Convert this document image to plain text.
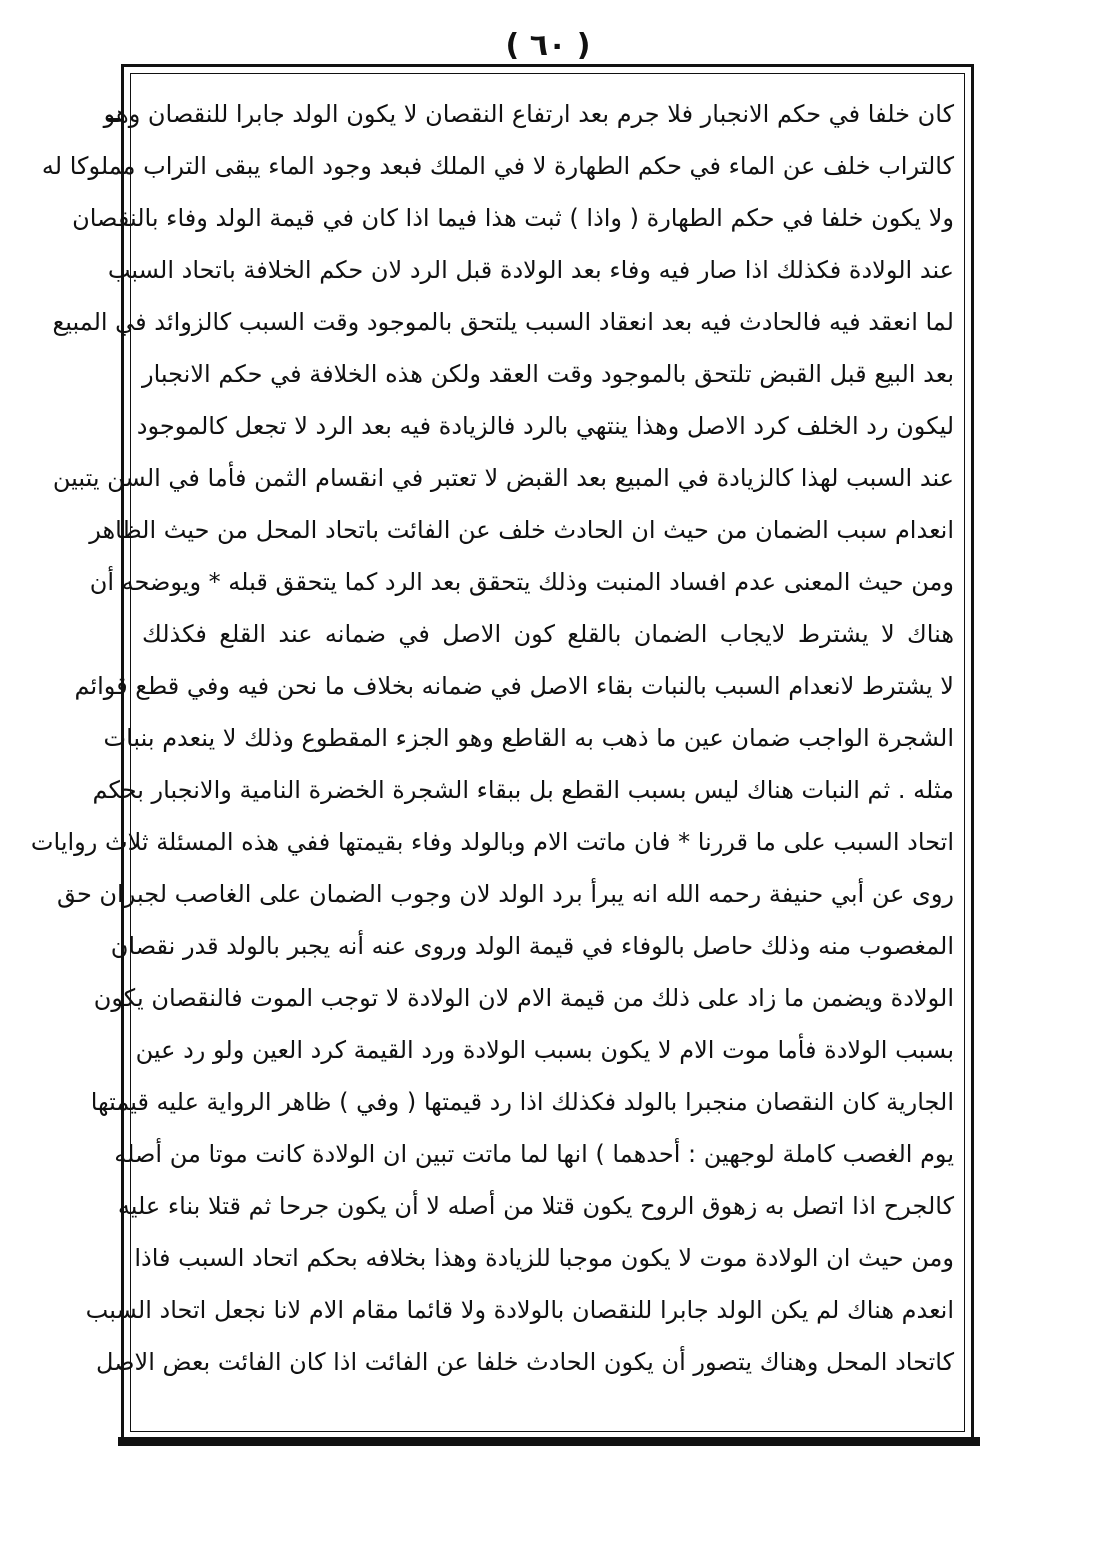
( ٦٠ )
كان خلفا في حكم الانجبار فلا جرم بعد ارتفاع النقصان لا يكون الولد جابرا للنقصان وهو
كالتراب خلف عن الماء في حكم الطهارة لا في الملك فبعد وجود الماء يبقى التراب مملوكا له
ولا يكون خلفا في حكم الطهارة ( واذا ) ثبت هذا فيما اذا كان في قيمة الولد وفاء بالنقصان
عند الولادة فكذلك اذا صار فيه وفاء بعد الولادة قبل الرد لان حكم الخلافة باتحاد السبب
لما انعقد فيه فالحادث فيه بعد انعقاد السبب يلتحق بالموجود وقت السبب كالزوائد في المبيع
بعد البيع قبل القبض تلتحق بالموجود وقت العقد ولكن هذه الخلافة في حكم الانجبار
ليكون رد الخلف كرد الاصل وهذا ينتهي بالرد فالزيادة فيه بعد الرد لا تجعل كالموجود
عند السبب لهذا كالزيادة في المبيع بعد القبض لا تعتبر في انقسام الثمن فأما في السن يتبين
انعدام سبب الضمان من حيث ان الحادث خلف عن الفائت باتحاد المحل من حيث الظاهر
ومن حيث المعنى عدم افساد المنبت وذلك يتحقق بعد الرد كما يتحقق قبله * ويوضحه أن
هناك لا يشترط لايجاب الضمان بالقلع كون الاصل في ضمانه عند القلع فكذلك
لا يشترط لانعدام السبب بالنبات بقاء الاصل في ضمانه بخلاف ما نحن فيه وفي قطع قوائم
الشجرة الواجب ضمان عين ما ذهب به القاطع وهو الجزء المقطوع وذلك لا ينعدم بنبات
مثله . ثم النبات هناك ليس بسبب القطع بل ببقاء الشجرة الخضرة النامية والانجبار بحكم
اتحاد السبب على ما قررنا * فان ماتت الام وبالولد وفاء بقيمتها ففي هذه المسئلة ثلاث روايات
روى عن أبي حنيفة رحمه الله انه يبرأ برد الولد لان وجوب الضمان على الغاصب لجبران حق
المغصوب منه وذلك حاصل بالوفاء في قيمة الولد وروى عنه أنه يجبر بالولد قدر نقصان
الولادة ويضمن ما زاد على ذلك من قيمة الام لان الولادة لا توجب الموت فالنقصان يكون
بسبب الولادة فأما موت الام لا يكون بسبب الولادة ورد القيمة كرد العين ولو رد عين
الجارية كان النقصان منجبرا بالولد فكذلك اذا رد قيمتها ( وفي ) ظاهر الرواية عليه قيمتها
يوم الغصب كاملة لوجهين : أحدهما ) انها لما ماتت تبين ان الولادة كانت موتا من أصله
كالجرح اذا اتصل به زهوق الروح يكون قتلا من أصله لا أن يكون جرحا ثم قتلا بناء عليه
ومن حيث ان الولادة موت لا يكون موجبا للزيادة وهذا بخلافه بحكم اتحاد السبب فاذا
انعدم هناك لم يكن الولد جابرا للنقصان بالولادة ولا قائما مقام الام لانا نجعل اتحاد السبب
كاتحاد المحل وهناك يتصور أن يكون الحادث خلفا عن الفائت اذا كان الفائت بعض الاصل
